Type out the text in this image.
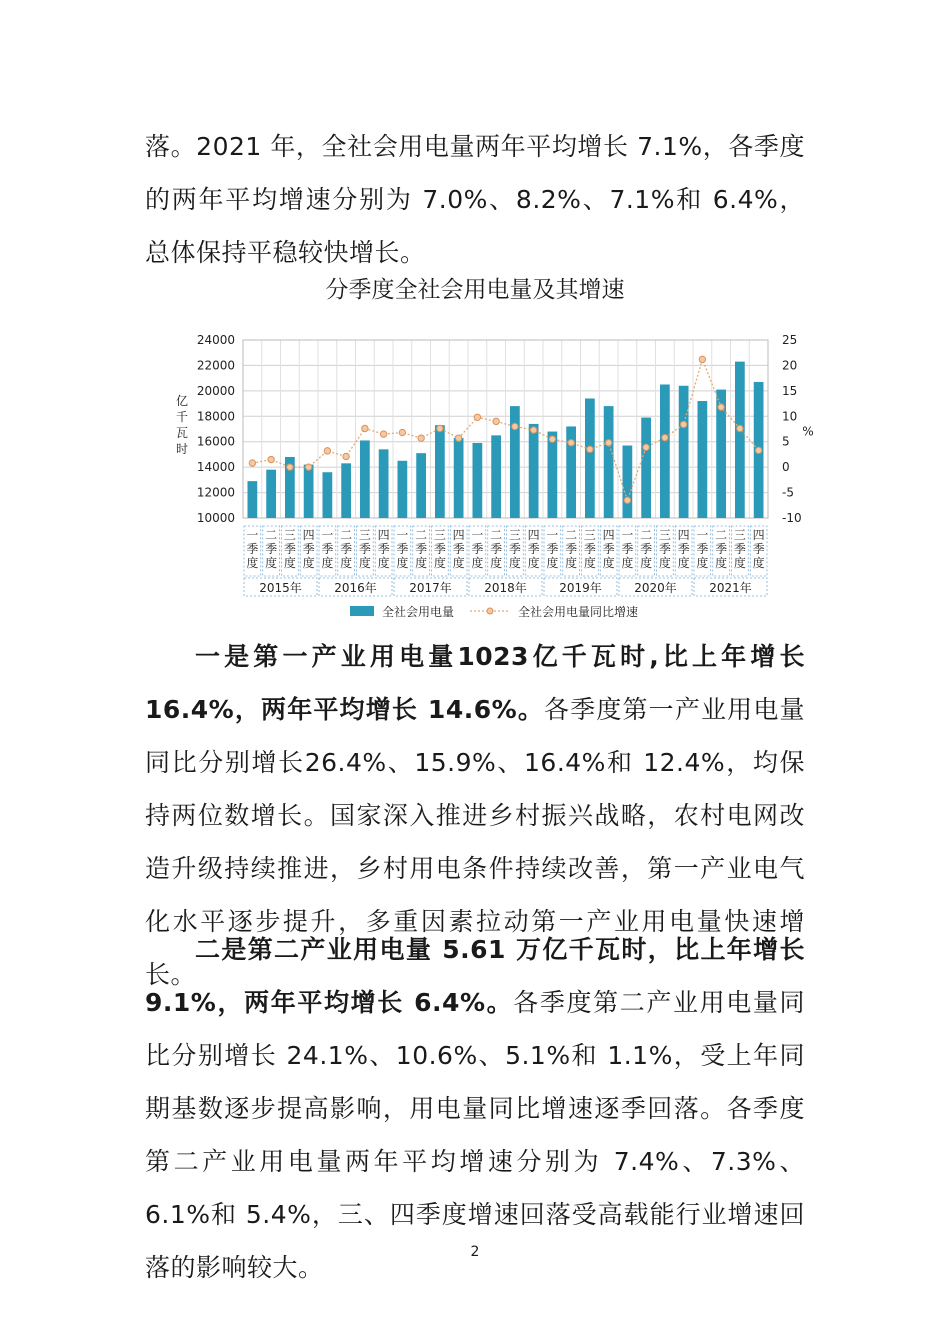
落。2021 年，全社会用电量两年平均增长 7.1%，各季度的两年平均增速分别为 7.0%、8.2%、7.1%和 6.4%，总体保持平稳较快增长。

分季度全社会用电量及其增速
10000
12000
14000
16000
18000
20000
22000
24000
-10
-5
0
5
10
15
20
25
亿
千
瓦
时
%
一
季
度
二
季
度
三
季
度
四
季
度
一
季
度
二
季
度
三
季
度
四
季
度
一
季
度
二
季
度
三
季
度
四
季
度
一
季
度
二
季
度
三
季
度
四
季
度
一
季
度
二
季
度
三
季
度
四
季
度
一
季
度
二
季
度
三
季
度
四
季
度
一
季
度
二
季
度
三
季
度
四
季
度
2015年	2016年	2017年	2018年	2019年	2020年	2021年
全社会用电量	全社会用电量同比增速

一是第一产业用电量1023亿千瓦时,比上年增长16.4%，两年平均增长 14.6%。各季度第一产业用电量同比分别增长26.4%、15.9%、16.4%和 12.4%，均保持两位数增长。国家深入推进乡村振兴战略，农村电网改造升级持续推进，乡村用电条件持续改善，第一产业电气化水平逐步提升，多重因素拉动第一产业用电量快速增长。

二是第二产业用电量 5.61 万亿千瓦时，比上年增长9.1%，两年平均增长 6.4%。各季度第二产业用电量同比分别增长 24.1%、10.6%、5.1%和 1.1%，受上年同期基数逐步提高影响，用电量同比增速逐季回落。各季度第二产业用电量两年平均增速分别为 7.4%、7.3%、6.1%和 5.4%，三、四季度增速回落受高载能行业增速回落的影响较大。

2
